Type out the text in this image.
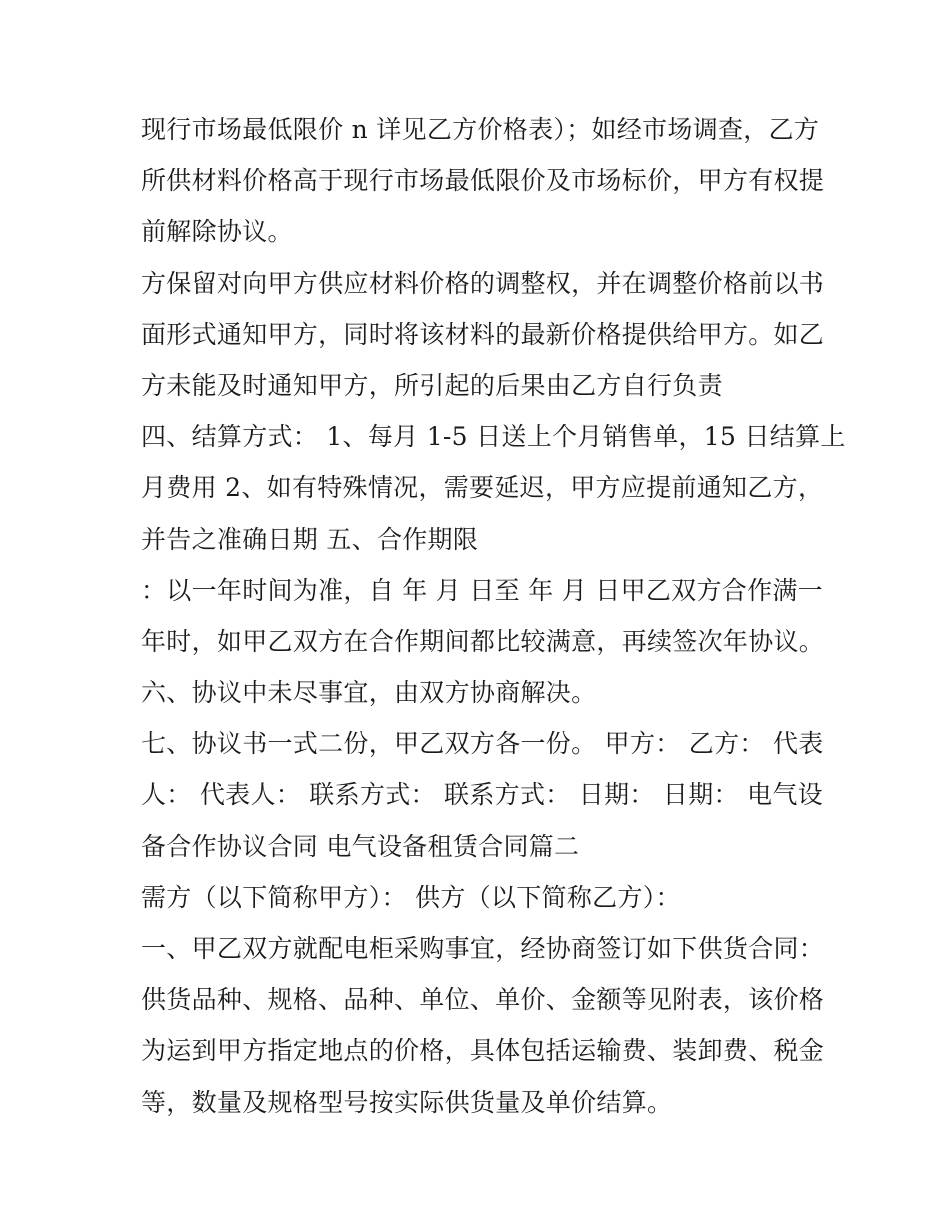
现行市场最低限价 n 详见乙方价格表）；如经市场调查，乙方
所供材料价格高于现行市场最低限价及市场标价，甲方有权提
前解除协议。
方保留对向甲方供应材料价格的调整权，并在调整价格前以书
面形式通知甲方，同时将该材料的最新价格提供给甲方。如乙
方未能及时通知甲方，所引起的后果由乙方自行负责
四、结算方式： 1、每月 1-5 日送上个月销售单，15 日结算上
月费用 2、如有特殊情况，需要延迟，甲方应提前通知乙方，
并告之准确日期 五、合作期限
：以一年时间为准，自 年 月 日至 年 月 日甲乙双方合作满一
年时，如甲乙双方在合作期间都比较满意，再续签次年协议。
六、协议中未尽事宜，由双方协商解决。
七、协议书一式二份，甲乙双方各一份。 甲方： 乙方： 代表
人： 代表人： 联系方式： 联系方式： 日期： 日期： 电气设
备合作协议合同 电气设备租赁合同篇二
需方（以下简称甲方）： 供方（以下简称乙方）：
一、甲乙双方就配电柜采购事宜，经协商签订如下供货合同：
供货品种、规格、品种、单位、单价、金额等见附表，该价格
为运到甲方指定地点的价格，具体包括运输费、装卸费、税金
等，数量及规格型号按实际供货量及单价结算。
